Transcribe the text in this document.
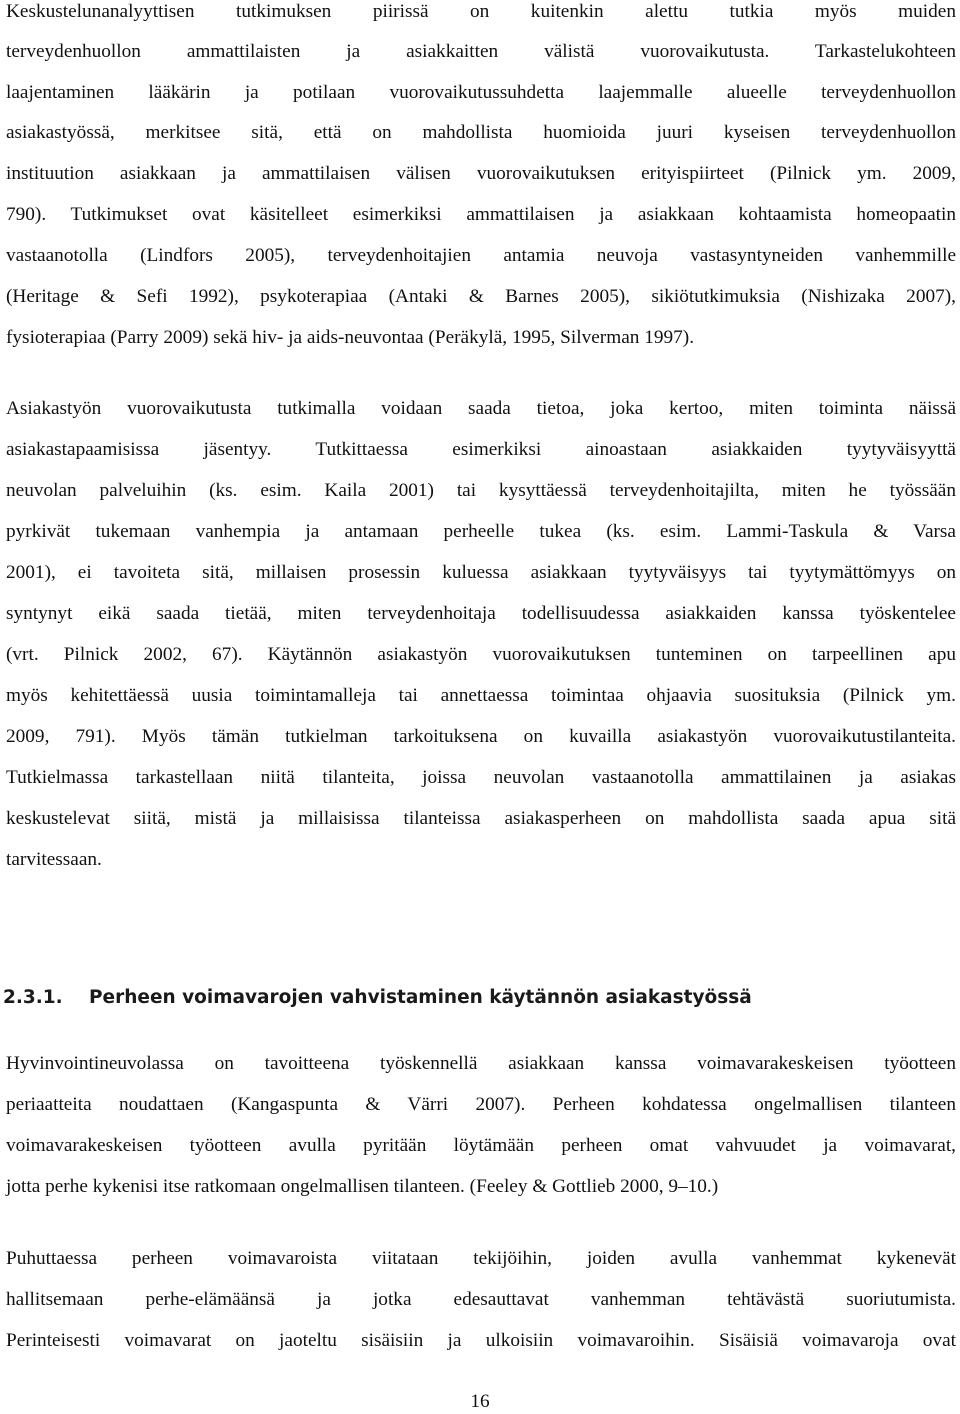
Keskustelunanalyyttisen tutkimuksen piirissä on kuitenkin alettu tutkia myös muiden
terveydenhuollon ammattilaisten ja asiakkaitten välistä vuorovaikutusta. Tarkastelukohteen
laajentaminen lääkärin ja potilaan vuorovaikutussuhdetta laajemmalle alueelle terveydenhuollon
asiakastyössä, merkitsee sitä, että on mahdollista huomioida juuri kyseisen terveydenhuollon
instituution asiakkaan ja ammattilaisen välisen vuorovaikutuksen erityispiirteet (Pilnick ym. 2009,
790). Tutkimukset ovat käsitelleet esimerkiksi ammattilaisen ja asiakkaan kohtaamista homeopaatin
vastaanotolla (Lindfors 2005), terveydenhoitajien antamia neuvoja vastasyntyneiden vanhemmille
(Heritage & Sefi 1992), psykoterapiaa (Antaki & Barnes 2005), sikiötutkimuksia (Nishizaka 2007),
fysioterapiaa (Parry 2009) sekä hiv- ja aids-neuvontaa (Peräkylä, 1995, Silverman 1997).
Asiakastyön vuorovaikutusta tutkimalla voidaan saada tietoa, joka kertoo, miten toiminta näissä
asiakastapaamisissa jäsentyy. Tutkittaessa esimerkiksi ainoastaan asiakkaiden tyytyväisyyttä
neuvolan palveluihin (ks. esim. Kaila 2001) tai kysyttäessä terveydenhoitajilta, miten he työssään
pyrkivät tukemaan vanhempia ja antamaan perheelle tukea (ks. esim. Lammi-Taskula & Varsa
2001), ei tavoiteta sitä, millaisen prosessin kuluessa asiakkaan tyytyväisyys tai tyytymättömyys on
syntynyt eikä saada tietää, miten terveydenhoitaja todellisuudessa asiakkaiden kanssa työskentelee
(vrt. Pilnick 2002, 67). Käytännön asiakastyön vuorovaikutuksen tunteminen on tarpeellinen apu
myös kehitettäessä uusia toimintamalleja tai annettaessa toimintaa ohjaavia suosituksia (Pilnick ym.
2009, 791). Myös tämän tutkielman tarkoituksena on kuvailla asiakastyön vuorovaikutustilanteita.
Tutkielmassa tarkastellaan niitä tilanteita, joissa neuvolan vastaanotolla ammattilainen ja asiakas
keskustelevat siitä, mistä ja millaisissa tilanteissa asiakasperheen on mahdollista saada apua sitä
tarvitessaan.
2.3.1. Perheen voimavarojen vahvistaminen käytännön asiakastyössä
Hyvinvointineuvolassa on tavoitteena työskennellä asiakkaan kanssa voimavarakeskeisen työotteen
periaatteita noudattaen (Kangaspunta & Värri 2007). Perheen kohdatessa ongelmallisen tilanteen
voimavarakeskeisen työotteen avulla pyritään löytämään perheen omat vahvuudet ja voimavarat,
jotta perhe kykenisi itse ratkomaan ongelmallisen tilanteen. (Feeley & Gottlieb 2000, 9–10.)
Puhuttaessa perheen voimavaroista viitataan tekijöihin, joiden avulla vanhemmat kykenevät
hallitsemaan perhe-elämäänsä ja jotka edesauttavat vanhemman tehtävästä suoriutumista.
Perinteisesti voimavarat on jaoteltu sisäisiin ja ulkoisiin voimavaroihin. Sisäisiä voimavaroja ovat
16
